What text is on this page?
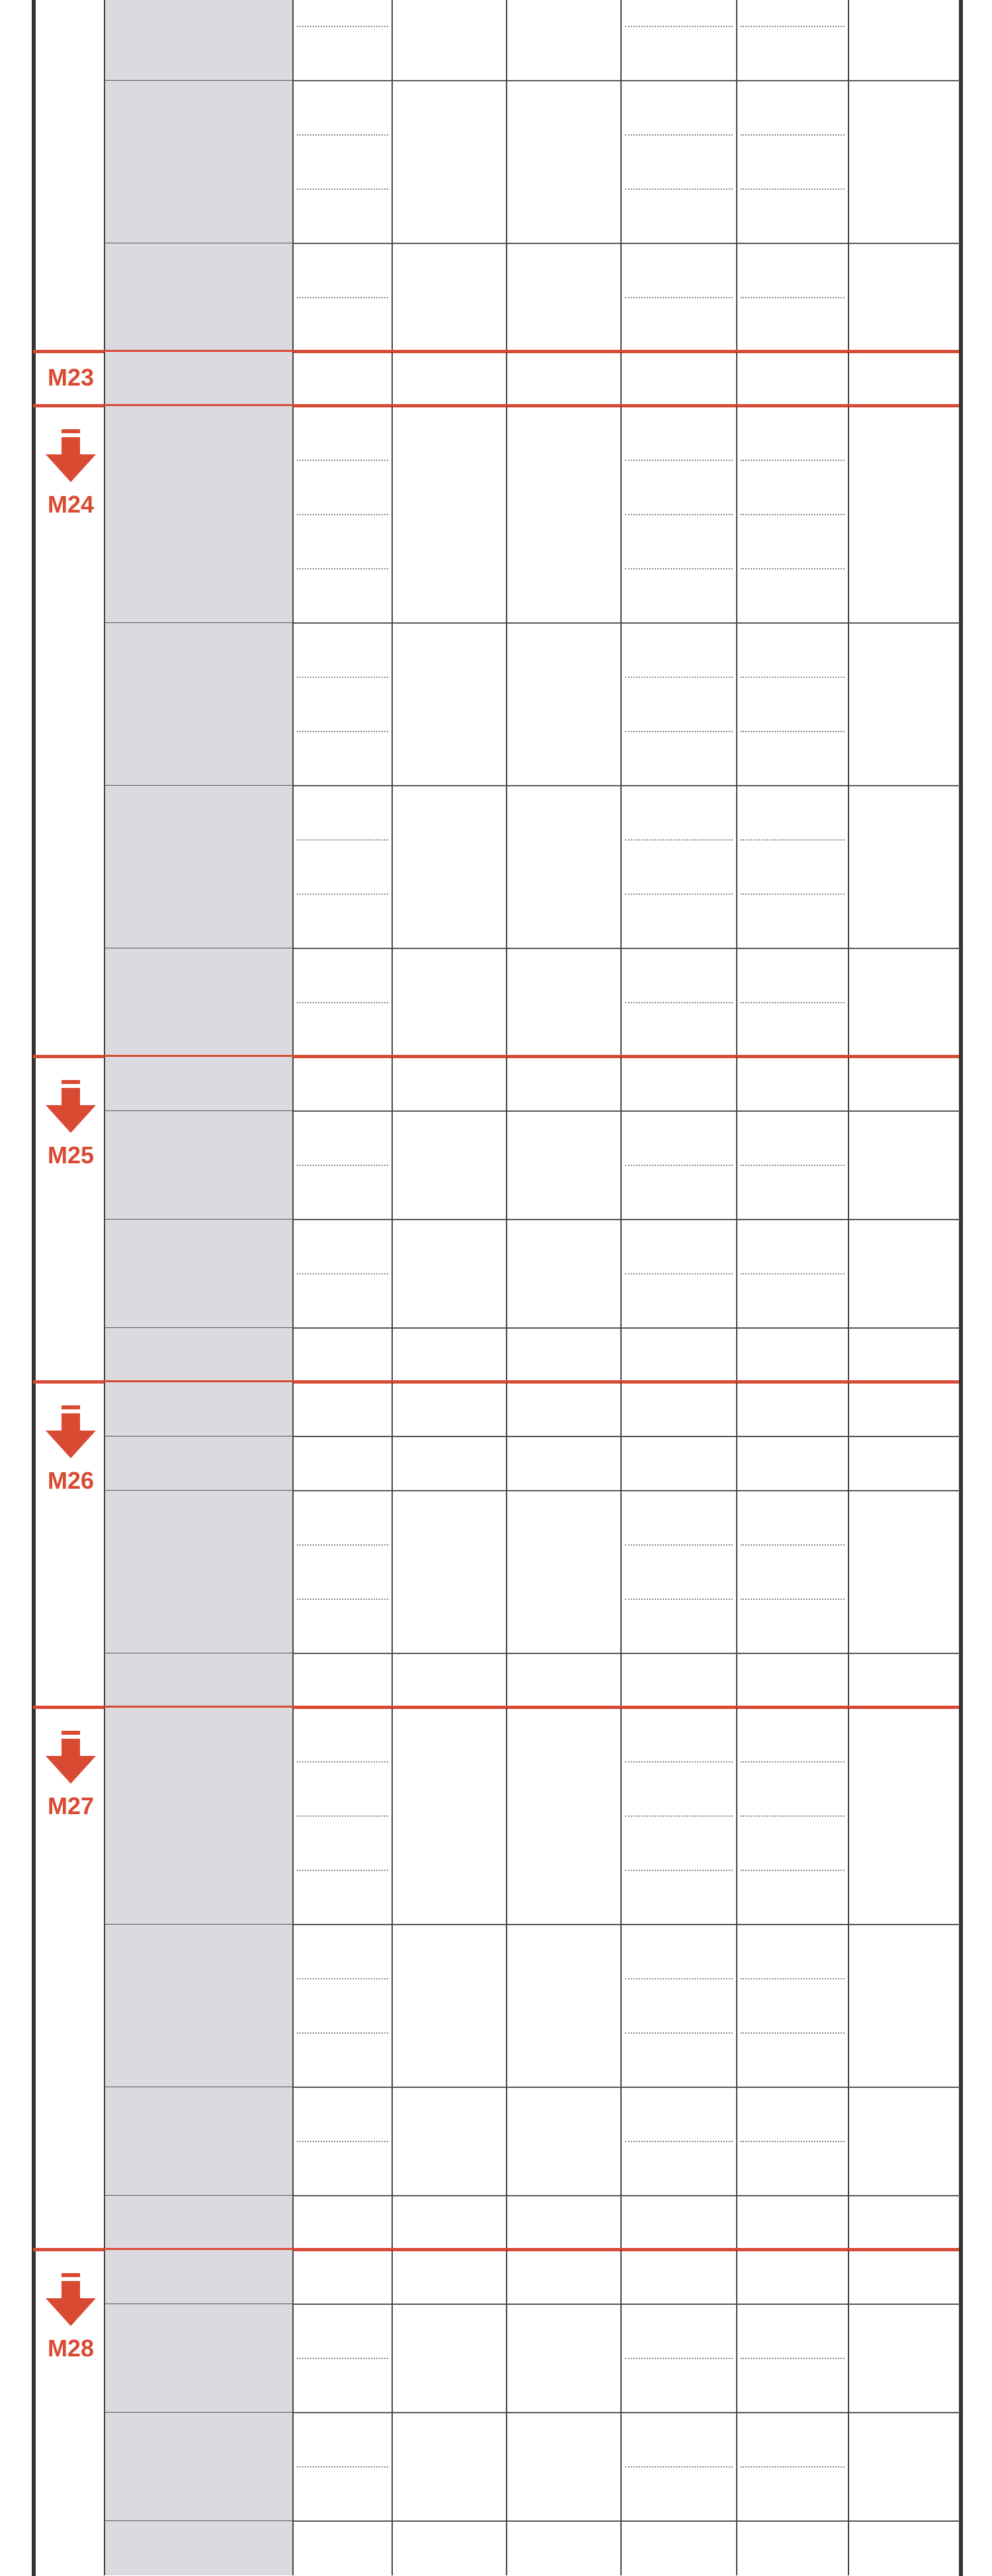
M23
M24
M25
M26
M27
M28
